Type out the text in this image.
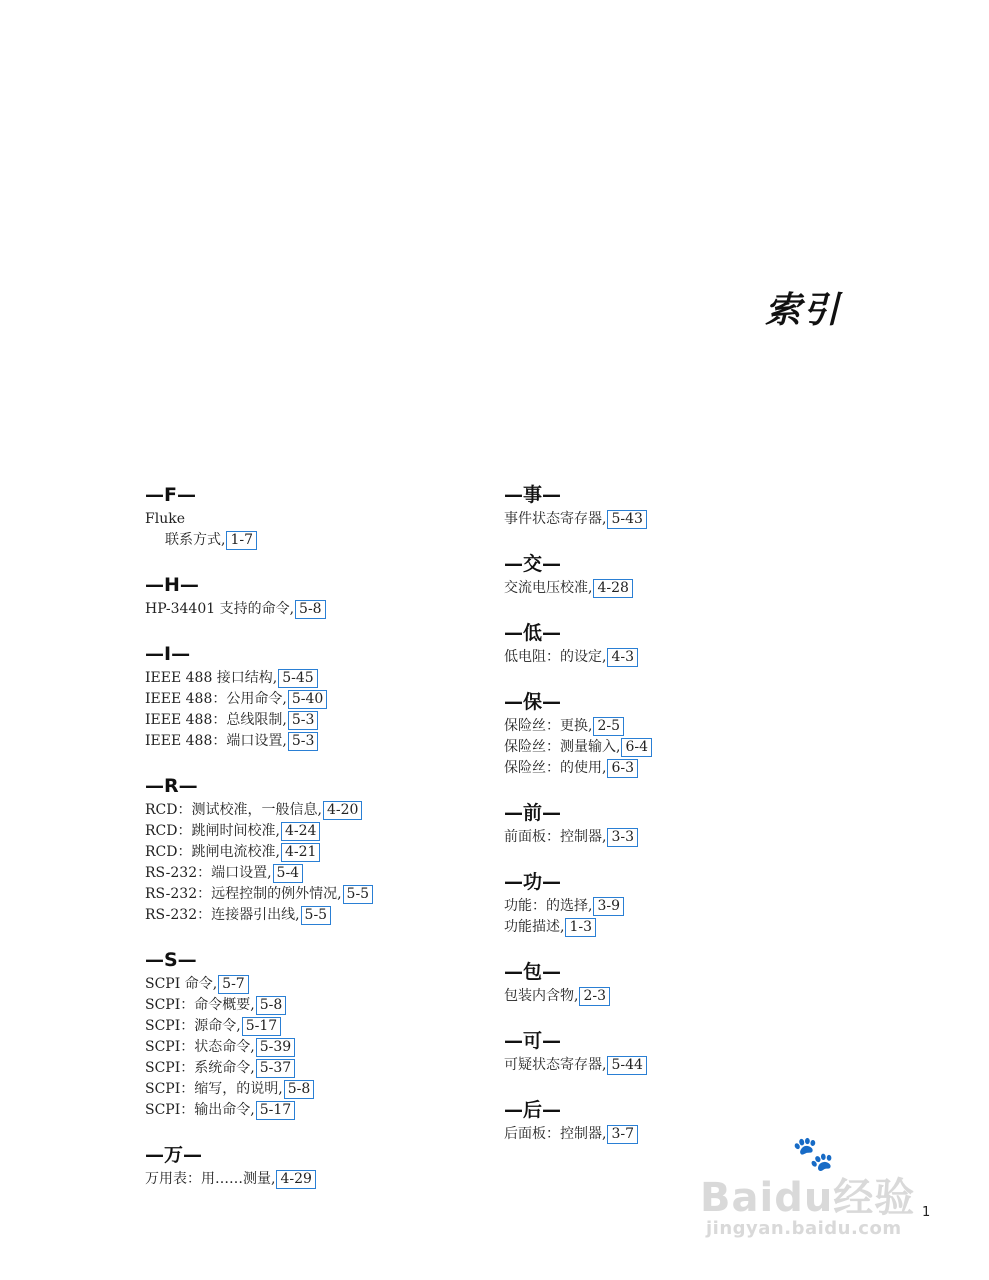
索引
—F—
Fluke
联系方式, 1-7
—H—
HP-34401 支持的命令, 5-8
—I—
IEEE 488 接口结构, 5-45
IEEE 488：公用命令, 5-40
IEEE 488：总线限制, 5-3
IEEE 488：端口设置, 5-3
—R—
RCD：测试校准，一般信息, 4-20
RCD：跳闸时间校准, 4-24
RCD：跳闸电流校准, 4-21
RS-232：端口设置, 5-4
RS-232：远程控制的例外情况, 5-5
RS-232：连接器引出线, 5-5
—S—
SCPI 命令, 5-7
SCPI：命令概要, 5-8
SCPI：源命令, 5-17
SCPI：状态命令, 5-39
SCPI：系统命令, 5-37
SCPI：缩写，的说明, 5-8
SCPI：输出命令, 5-17
—万—
万用表：用……测量, 4-29
—事—
事件状态寄存器, 5-43
—交—
交流电压校准, 4-28
—低—
低电阻：的设定, 4-3
—保—
保险丝：更换, 2-5
保险丝：测量输入, 6-4
保险丝：的使用, 6-3
—前—
前面板：控制器, 3-3
—功—
功能：的选择, 3-9
功能描述, 1-3
—包—
包装内含物, 2-3
—可—
可疑状态寄存器, 5-44
—后—
后面板：控制器, 3-7
1
🐾
Baidu经验
jingyan.baidu.com
